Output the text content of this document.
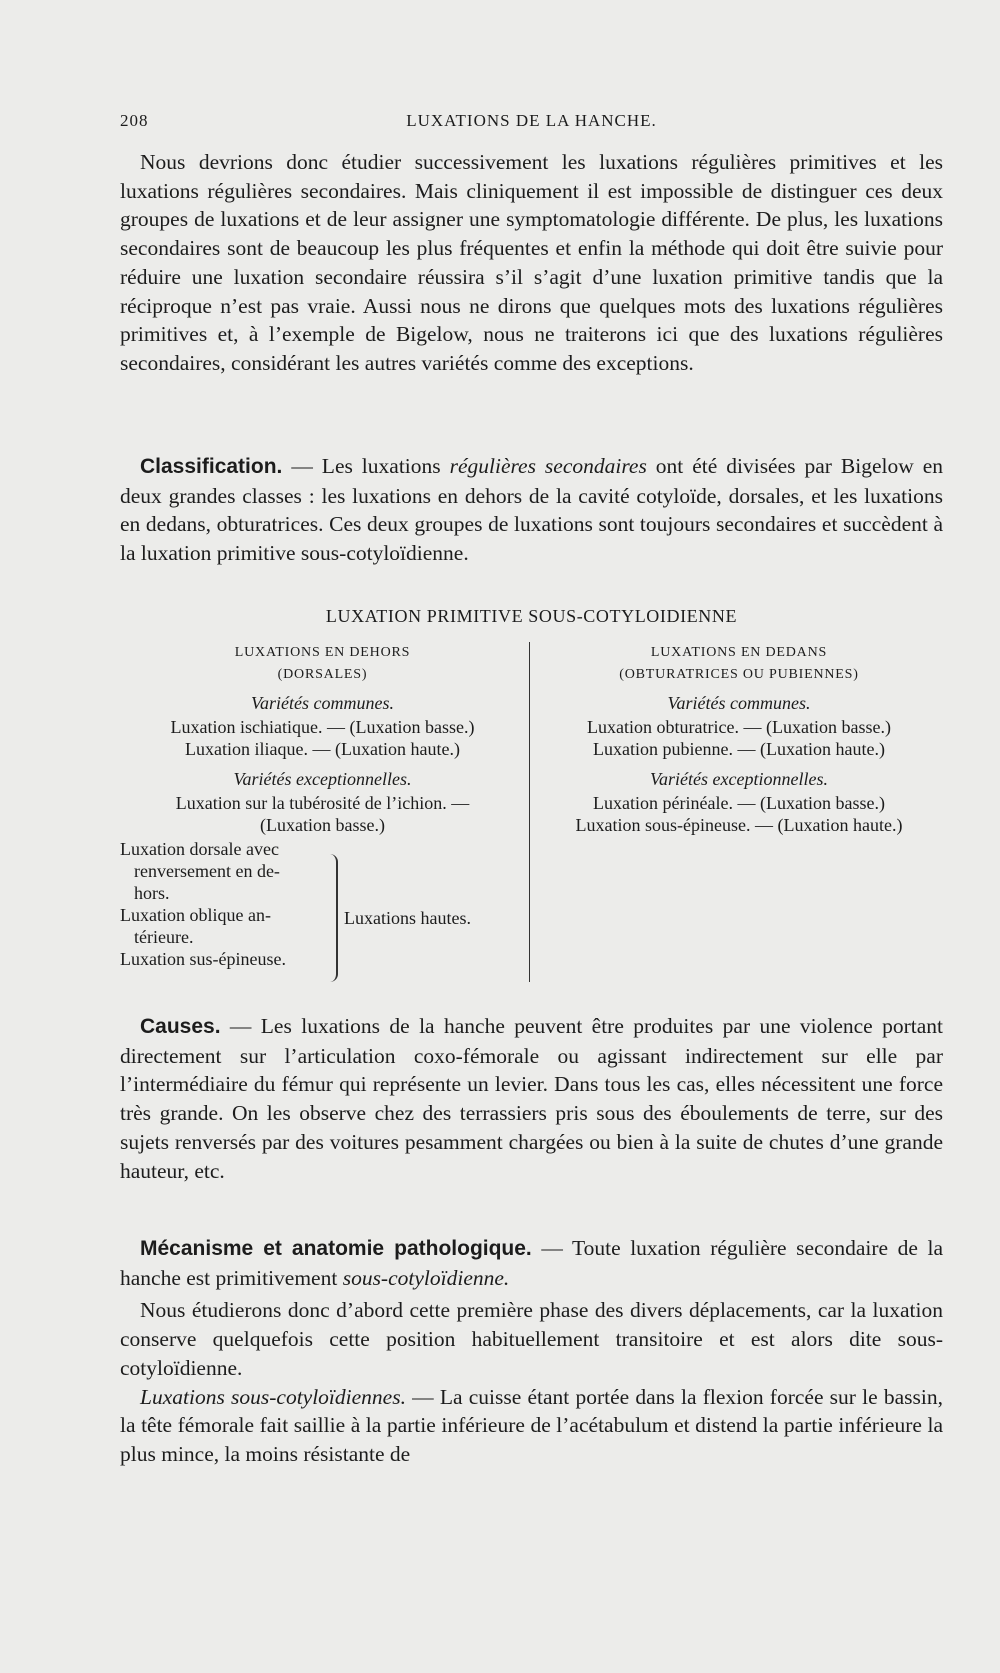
208	LUXATIONS DE LA HANCHE.

Nous devrions donc étudier successivement les luxations régulières primitives et les luxations régulières secondaires. Mais cliniquement il est impossible de distinguer ces deux groupes de luxations et de leur assigner une symptomatologie différente. De plus, les luxations secondaires sont de beaucoup les plus fréquentes et enfin la méthode qui doit être suivie pour réduire une luxation secondaire réussira s’il s’agit d’une luxation primitive tandis que la réciproque n’est pas vraie. Aussi nous ne dirons que quelques mots des luxations régulières primitives et, à l’exemple de Bigelow, nous ne traiterons ici que des luxations régulières secondaires, considérant les autres variétés comme des exceptions.

Classification. — Les luxations régulières secondaires ont été divisées par Bigelow en deux grandes classes : les luxations en dehors de la cavité cotyloïde, dorsales, et les luxations en dedans, obturatrices. Ces deux groupes de luxations sont toujours secondaires et succèdent à la luxation primitive sous-cotyloïdienne.

LUXATION PRIMITIVE SOUS-COTYLOIDIENNE
LUXATIONS EN DEHORS
(DORSALES)
Variétés communes.
Luxation ischiatique. — (Luxation basse.)
Luxation iliaque. — (Luxation haute.)
Variétés exceptionnelles.
Luxation sur la tubérosité de l’ichion. —
(Luxation basse.)
Luxation dorsale avec
renversement en de-
hors.
Luxation oblique an-
térieure.
Luxation sus-épineuse.
Luxations hautes.
LUXATIONS EN DEDANS
(OBTURATRICES OU PUBIENNES)
Variétés communes.
Luxation obturatrice. — (Luxation basse.)
Luxation pubienne. — (Luxation haute.)
Variétés exceptionnelles.
Luxation périnéale. — (Luxation basse.)
Luxation sous-épineuse. — (Luxation haute.)

Causes. — Les luxations de la hanche peuvent être produites par une violence portant directement sur l’articulation coxo-fémorale ou agissant indirectement sur elle par l’intermédiaire du fémur qui représente un levier. Dans tous les cas, elles nécessitent une force très grande. On les observe chez des terrassiers pris sous des éboulements de terre, sur des sujets renversés par des voitures pesamment chargées ou bien à la suite de chutes d’une grande hauteur, etc.

Mécanisme et anatomie pathologique. — Toute luxation régulière secondaire de la hanche est primitivement sous-cotyloïdienne.

Nous étudierons donc d’abord cette première phase des divers déplacements, car la luxation conserve quelquefois cette position habituellement transitoire et est alors dite sous-cotyloïdienne.

Luxations sous-cotyloïdiennes. — La cuisse étant portée dans la flexion forcée sur le bassin, la tête fémorale fait saillie à la partie inférieure de l’acétabulum et distend la partie inférieure la plus mince, la moins résistante de
